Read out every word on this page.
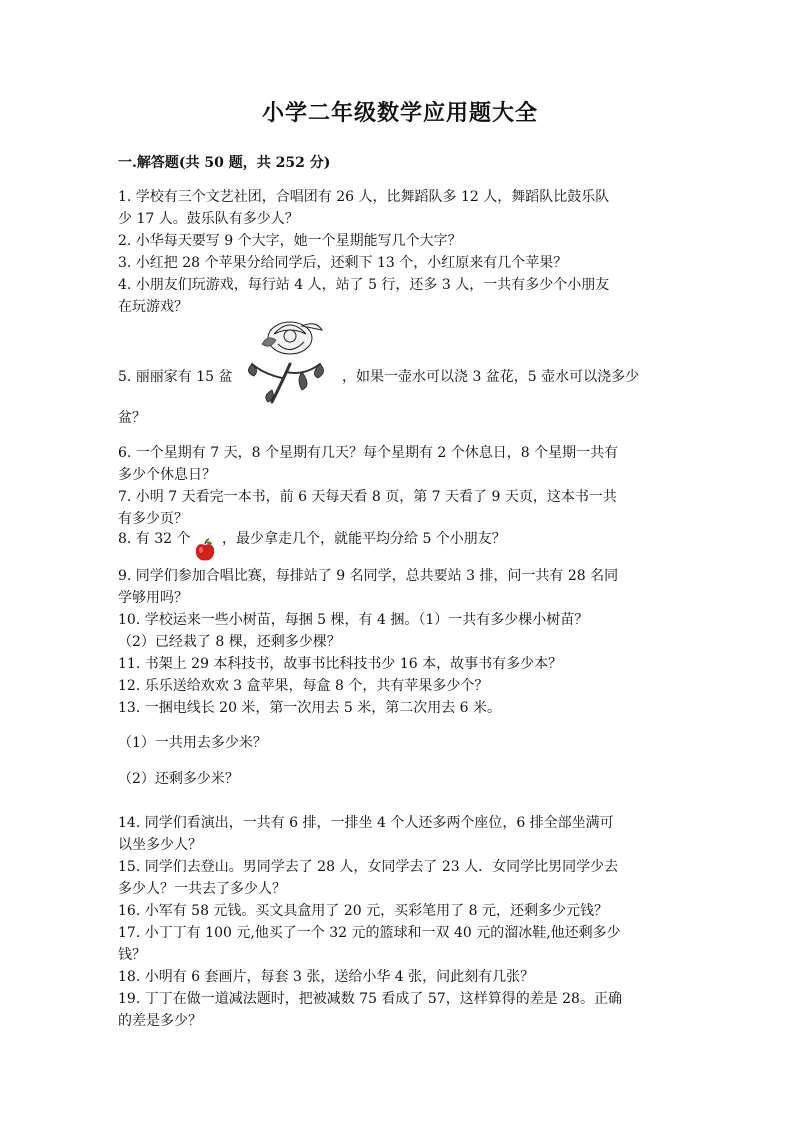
小学二年级数学应用题大全
一.解答题(共 50 题，共 252 分)
1. 学校有三个文艺社团，合唱团有 26 人，比舞蹈队多 12 人，舞蹈队比鼓乐队
少 17 人。鼓乐队有多少人？
2. 小华每天要写 9 个大字，她一个星期能写几个大字？
3. 小红把 28 个苹果分给同学后，还剩下 13 个，小红原来有几个苹果？
4. 小朋友们玩游戏，每行站 4 人，站了 5 行，还多 3 人，一共有多少个小朋友
在玩游戏？
5. 丽丽家有 15 盆	，如果一壶水可以浇 3 盆花，5 壶水可以浇多少
盆？
6. 一个星期有 7 天，8 个星期有几天？每个星期有 2 个休息日，8 个星期一共有
多少个休息日？
7. 小明 7 天看完一本书，前 6 天每天看 8 页，第 7 天看了 9 天页，这本书一共
有多少页？
8. 有 32 个 ，最少拿走几个，就能平均分给 5 个小朋友？
9. 同学们参加合唱比赛，每排站了 9 名同学，总共要站 3 排，问一共有 28 名同
学够用吗？
10. 学校运来一些小树苗，每捆 5 棵，有 4 捆。（1）一共有多少棵小树苗？
（2）已经栽了 8 棵，还剩多少棵？
11. 书架上 29 本科技书，故事书比科技书少 16 本，故事书有多少本？
12. 乐乐送给欢欢 3 盒苹果，每盒 8 个，共有苹果多少个？
13. 一捆电线长 20 米，第一次用去 5 米，第二次用去 6 米。
（1）一共用去多少米？
（2）还剩多少米？
14. 同学们看演出，一共有 6 排，一排坐 4 个人还多两个座位，6 排全部坐满可
以坐多少人？
15. 同学们去登山。男同学去了 28 人，女同学去了 23 人．女同学比男同学少去
多少人？一共去了多少人？
16. 小军有 58 元钱。买文具盒用了 20 元，买彩笔用了 8 元，还剩多少元钱？
17. 小丁丁有 100 元,他买了一个 32 元的篮球和一双 40 元的溜冰鞋,他还剩多少
钱？
18. 小明有 6 套画片，每套 3 张，送给小华 4 张，问此刻有几张？
19. 丁丁在做一道减法题时，把被减数 75 看成了 57，这样算得的差是 28。正确
的差是多少？
